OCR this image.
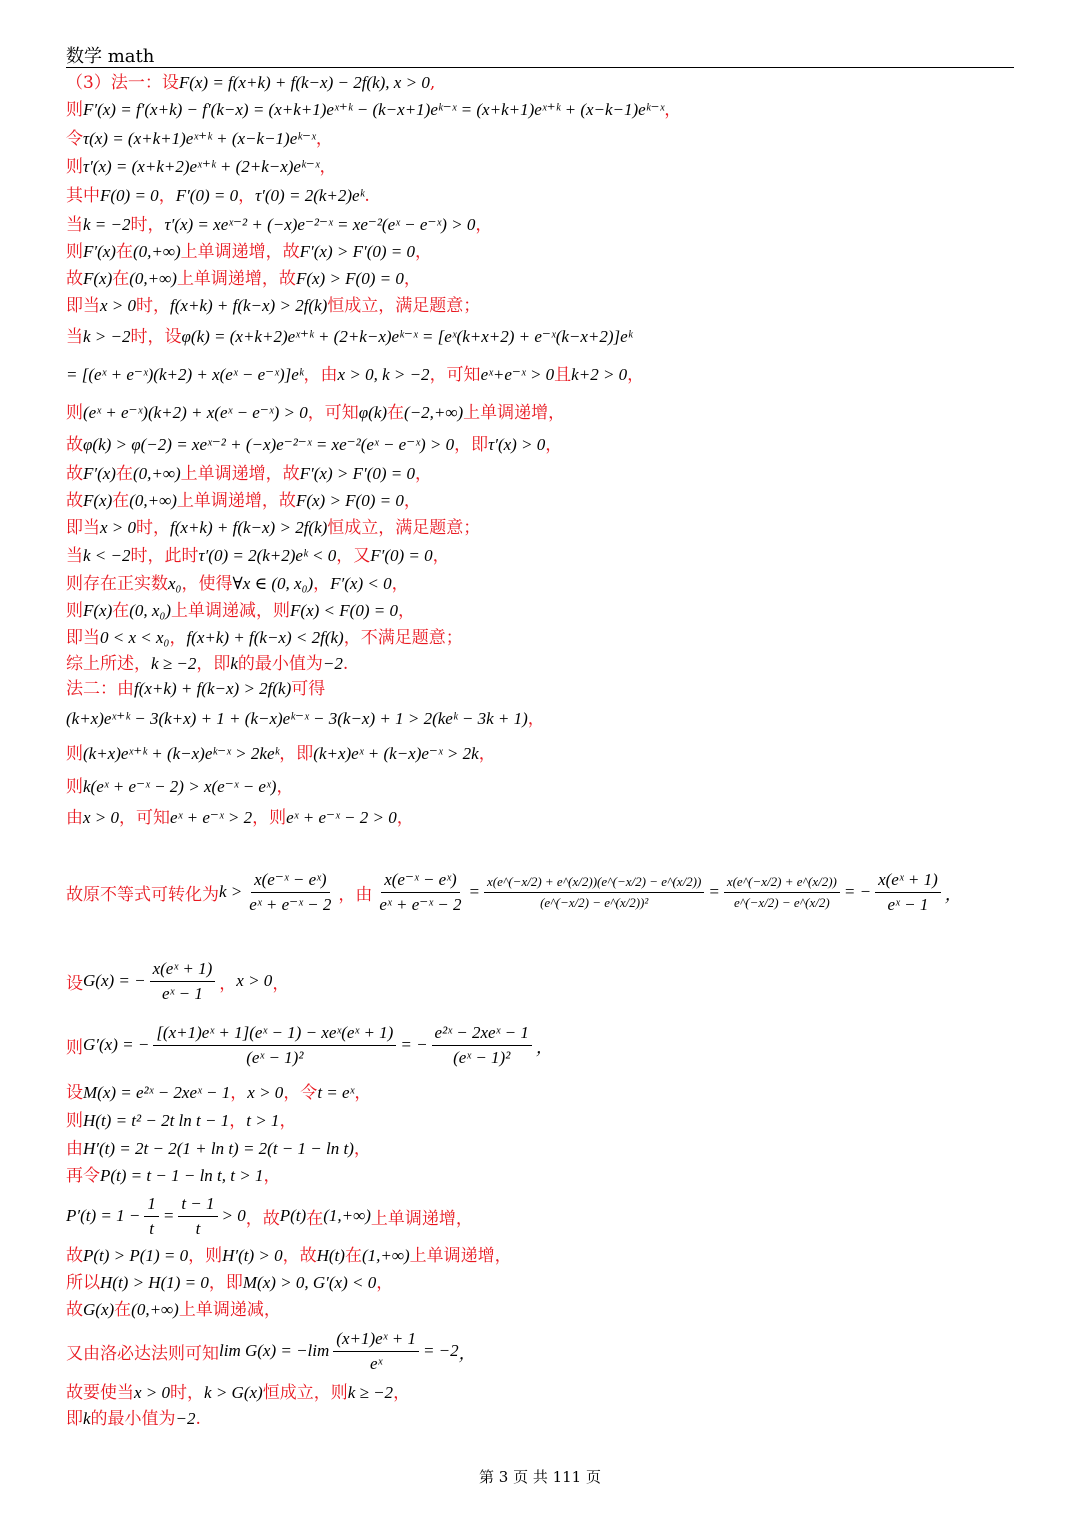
数学 math
（3）法一：设 F(x) = f(x+k) + f(k−x) − 2f(k), x > 0 ,
则 F′(x) = f′(x+k) − f′(k−x) = (x+k+1)eˣ⁺ᵏ − (k−x+1)eᵏ⁻ˣ = (x+k+1)eˣ⁺ᵏ + (x−k−1)eᵏ⁻ˣ ，
令 τ(x) = (x+k+1)eˣ⁺ᵏ + (x−k−1)eᵏ⁻ˣ ，
则 τ′(x) = (x+k+2)eˣ⁺ᵏ + (2+k−x)eᵏ⁻ˣ ，
其中 F(0) = 0 ， F′(0) = 0 ， τ′(0) = 2(k+2)eᵏ .
当 k = −2 时， τ′(x) = xeˣ⁻² + (−x)e⁻²⁻ˣ = xe⁻²(eˣ − e⁻ˣ) > 0 ，
则 F′(x) 在 (0,+∞) 上单调递增，故 F′(x) > F′(0) = 0 ，
故 F(x) 在 (0,+∞) 上单调递增，故 F(x) > F(0) = 0 ，
即当 x > 0 时， f(x+k) + f(k−x) > 2f(k) 恒成立，满足题意；
当 k > −2 时，设 φ(k) = (x+k+2)eˣ⁺ᵏ + (2+k−x)eᵏ⁻ˣ = [eˣ(k+x+2) + e⁻ˣ(k−x+2)]eᵏ
= [(eˣ + e⁻ˣ)(k+2) + x(eˣ − e⁻ˣ)]eᵏ ，由 x > 0, k > −2 ，可知 eˣ+e⁻ˣ > 0 且 k+2 > 0 ，
则 (eˣ + e⁻ˣ)(k+2) + x(eˣ − e⁻ˣ) > 0 ，可知 φ(k) 在 (−2,+∞) 上单调递增，
故 φ(k) > φ(−2) = xeˣ⁻² + (−x)e⁻²⁻ˣ = xe⁻²(eˣ − e⁻ˣ) > 0 ，即 τ′(x) > 0 ，
故 F′(x) 在 (0,+∞) 上单调递增，故 F′(x) > F′(0) = 0 ，
故 F(x) 在 (0,+∞) 上单调递增，故 F(x) > F(0) = 0 ，
即当 x > 0 时， f(x+k) + f(k−x) > 2f(k) 恒成立，满足题意；
当 k < −2 时，此时 τ′(0) = 2(k+2)eᵏ < 0 ，又 F′(0) = 0 ，
则存在正实数 x₀ ，使得 ∀x ∈ (0, x₀) ， F′(x) < 0 ，
则 F(x) 在 (0, x₀) 上单调递减，则 F(x) < F(0) = 0 ，
即当 0 < x < x₀ ， f(x+k) + f(k−x) < 2f(k) ，不满足题意；
综上所述， k ≥ −2 ，即 k 的最小值为 −2 .
法二：由 f(x+k) + f(k−x) > 2f(k) 可得
(k+x)eˣ⁺ᵏ − 3(k+x) + 1 + (k−x)eᵏ⁻ˣ − 3(k−x) + 1 > 2(keᵏ − 3k + 1) ，
则 (k+x)eˣ⁺ᵏ + (k−x)eᵏ⁻ˣ > 2keᵏ ，即 (k+x)eˣ + (k−x)e⁻ˣ > 2k ，
则 k(eˣ + e⁻ˣ − 2) > x(e⁻ˣ − eˣ) ，
由 x > 0 ，可知 eˣ + e⁻ˣ > 2 ，则 eˣ + e⁻ˣ − 2 > 0 ，
故原不等式可转化为 $k > \frac{\text{x(e⁻ˣ − eˣ)}}{\text{eˣ + e⁻ˣ − 2}}$ ，由 $\frac{\text{x(e⁻ˣ − eˣ)}}{\text{eˣ + e⁻ˣ − 2}} = \frac{x(e\^{}(-x/2) + e\^{}(x/2))(e\^{}(-x/2) - e\^{}(x/2))}{\text{(e\textasciicircum{}(−x/2) − e\textasciicircum{}(x/2))²}} = \frac{x(e\^{}(-x/2) + e\^{}(x/2))}{e\^{}(-x/2) - e\^{}(x/2)}$ = − $\frac{\text{x(eˣ + 1)}}{\text{eˣ − 1}}$ ，
设 G(x) = − $\frac{\text{x(eˣ + 1)}}{\text{eˣ − 1}}$ ， x > 0 ，
则 G′(x) = − $\frac{\text{[(x+1)eˣ + 1](eˣ − 1) − xeˣ(eˣ + 1)}}{\text{(eˣ − 1)²}}$ = − $\frac{\text{e²ˣ − 2xeˣ − 1}}{\text{(eˣ − 1)²}}$ ，
设 M(x) = e²ˣ − 2xeˣ − 1 ， x > 0 ，令 t = eˣ ，
则 H(t) = t² − 2t ln t − 1 ， t > 1 ，
由 H′(t) = 2t − 2(1 + ln t) = 2(t − 1 − ln t) ，
再令 P(t) = t − 1 − ln t, t > 1 ，
$P'(t) = 1 - \frac{1}{t} = \frac{t - 1}{t} > 0$ ，故 P(t) 在 (1,+∞) 上单调递增，
故 P(t) > P(1) = 0 ，则 H′(t) > 0 ，故 H(t) 在 (1,+∞) 上单调递增，
所以 H(t) > H(1) = 0 ，即 M(x) > 0, G′(x) < 0 ，
故 G(x) 在 (0,+∞) 上单调递减，
又由洛必达法则可知 $\lim G(x) = -\lim \frac{\text{(x+1)eˣ + 1}}{\text{eˣ}} = -2$ ，
故要使当 x > 0 时， k > G(x) 恒成立，则 k ≥ −2 ，
即 k 的最小值为 −2 .
第 3 页 共 111 页
